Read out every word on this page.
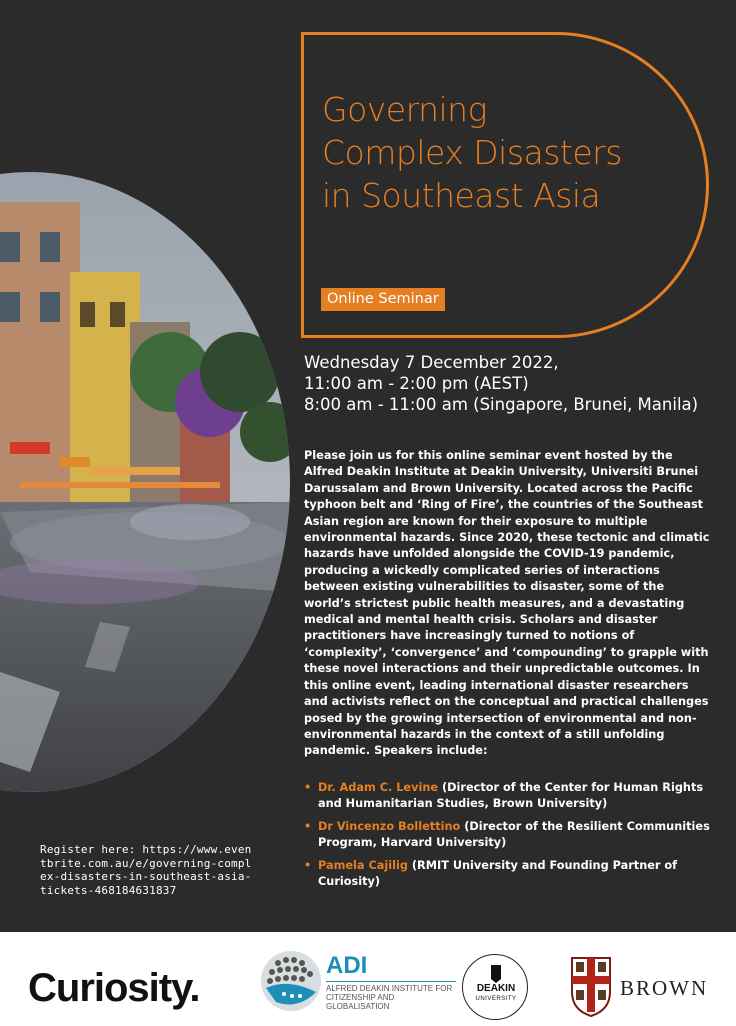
Governing
Complex Disasters
in Southeast Asia
Online Seminar
Wednesday 7 December 2022,
11:00 am - 2:00 pm (AEST)
8:00 am - 11:00 am (Singapore, Brunei, Manila)

Please join us for this online seminar event hosted by the Alfred Deakin Institute at Deakin University, Universiti Brunei Darussalam and Brown University. Located across the Pacific typhoon belt and ‘Ring of Fire’, the countries of the Southeast Asian region are known for their exposure to multiple environmental hazards. Since 2020, these tectonic and climatic hazards have unfolded alongside the COVID-19 pandemic, producing a wickedly complicated series of interactions between existing vulnerabilities to disaster, some of the world’s strictest public health measures, and a devastating medical and mental health crisis. Scholars and disaster practitioners have increasingly turned to notions of ‘complexity’, ‘convergence’ and ‘compounding’ to grapple with these novel interactions and their unpredictable outcomes. In this online event, leading international disaster researchers and activists reflect on the conceptual and practical challenges posed by the growing intersection of environmental and non-environmental hazards in the context of a still unfolding pandemic. Speakers include:

• Dr. Adam C. Levine (Director of the Center for Human Rights and Humanitarian Studies, Brown University)
• Dr Vincenzo Bollettino (Director of the Resilient Communities Program, Harvard University)
• Pamela Cajilig (RMIT University and Founding Partner of Curiosity)
Register here: https://www.eventbrite.com.au/e/governing-complex-disasters-in-southeast-asia-tickets-468184631837
Curiosity.
ADI
ALFRED DEAKIN INSTITUTE FOR CITIZENSHIP AND GLOBALISATION
DEAKIN
UNIVERSITY	BROWN
